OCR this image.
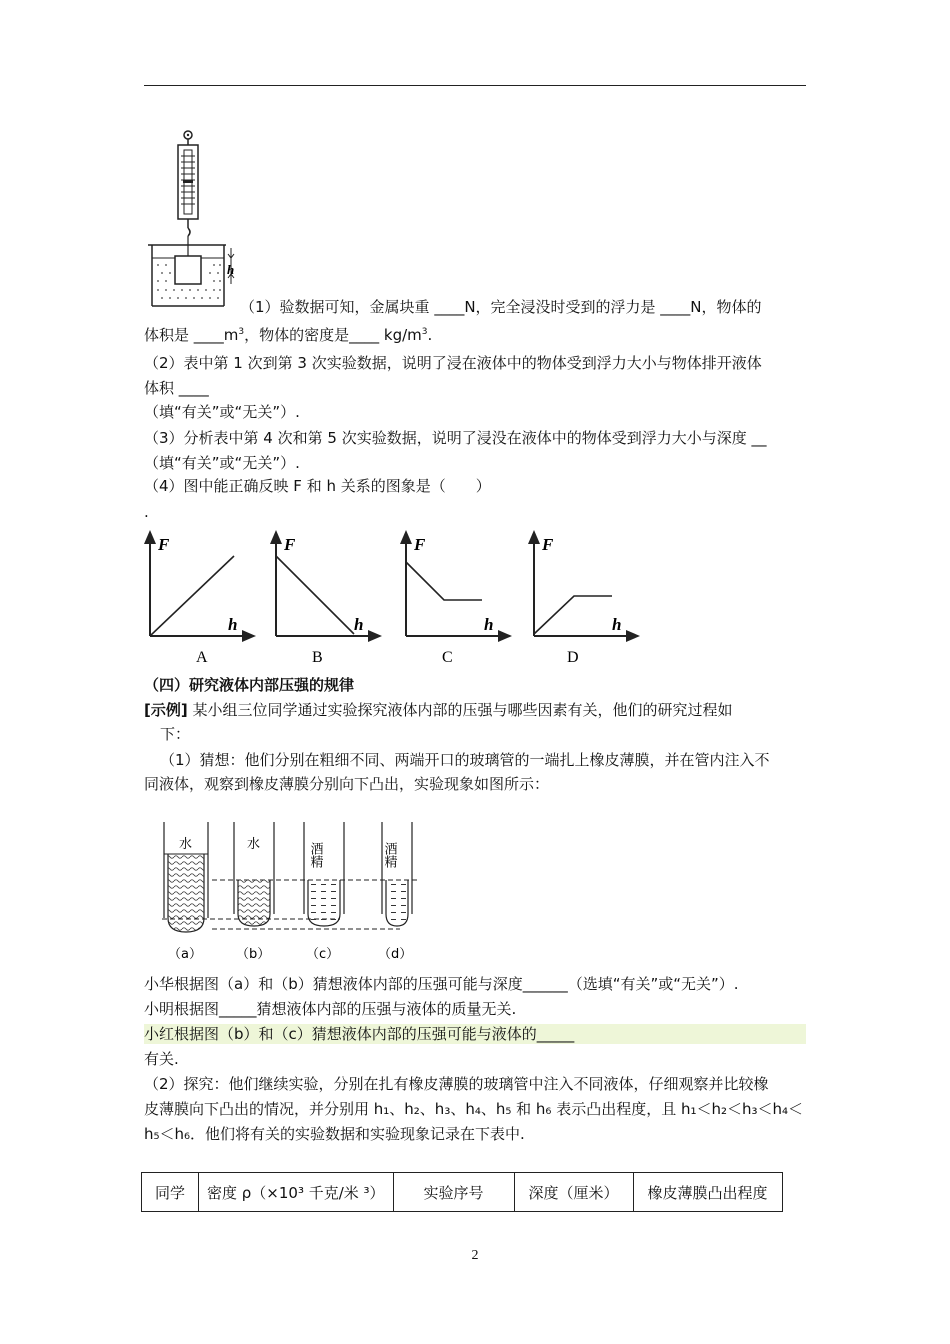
h
（1）验数据可知，金属块重 ____N，完全浸没时受到的浮力是 ____N，物体的
体积是 $\_\_\_\_m^3$，物体的密度是____ $kg/m^3$.
（2）表中第 1 次到第 3 次实验数据，说明了浸在液体中的物体受到浮力大小与物体排开液体
体积 ____
（填“有关”或“无关”）.
（3）分析表中第 4 次和第 5 次实验数据，说明了浸没在液体中的物体受到浮力大小与深度 __
（填“有关”或“无关”）.
（4）图中能正确反映 F 和 h 关系的图象是（　　）
.
F	F	F	F
h	h	h	h
A	B	C	D
（四）研究液体内部压强的规律
[示例] 某小组三位同学通过实验探究液体内部的压强与哪些因素有关，他们的研究过程如
下：
（1）猜想：他们分别在粗细不同、两端开口的玻璃管的一端扎上橡皮薄膜，并在管内注入不
同液体，观察到橡皮薄膜分别向下凸出，实验现象如图所示：
水	水	酒精	酒精
（a）	（b）	（c）	（d）
小华根据图（a）和（b）猜想液体内部的压强可能与深度______（选填“有关”或“无关”）.
小明根据图_____猜想液体内部的压强与液体的质量无关.
小红根据图（b）和（c）猜想液体内部的压强可能与液体的_____
有关.
（2）探究：他们继续实验，分别在扎有橡皮薄膜的玻璃管中注入不同液体，仔细观察并比较橡
皮薄膜向下凸出的情况，并分别用 h₁、h₂、h₃、h₄、h₅ 和 h₆ 表示凸出程度，且 h₁＜h₂＜h₃＜h₄＜
h₅＜h₆．他们将有关的实验数据和实验现象记录在下表中.
同学	密度 ρ（×10³ 千克/米 ³）	实验序号	深度（厘米）	橡皮薄膜凸出程度
2
